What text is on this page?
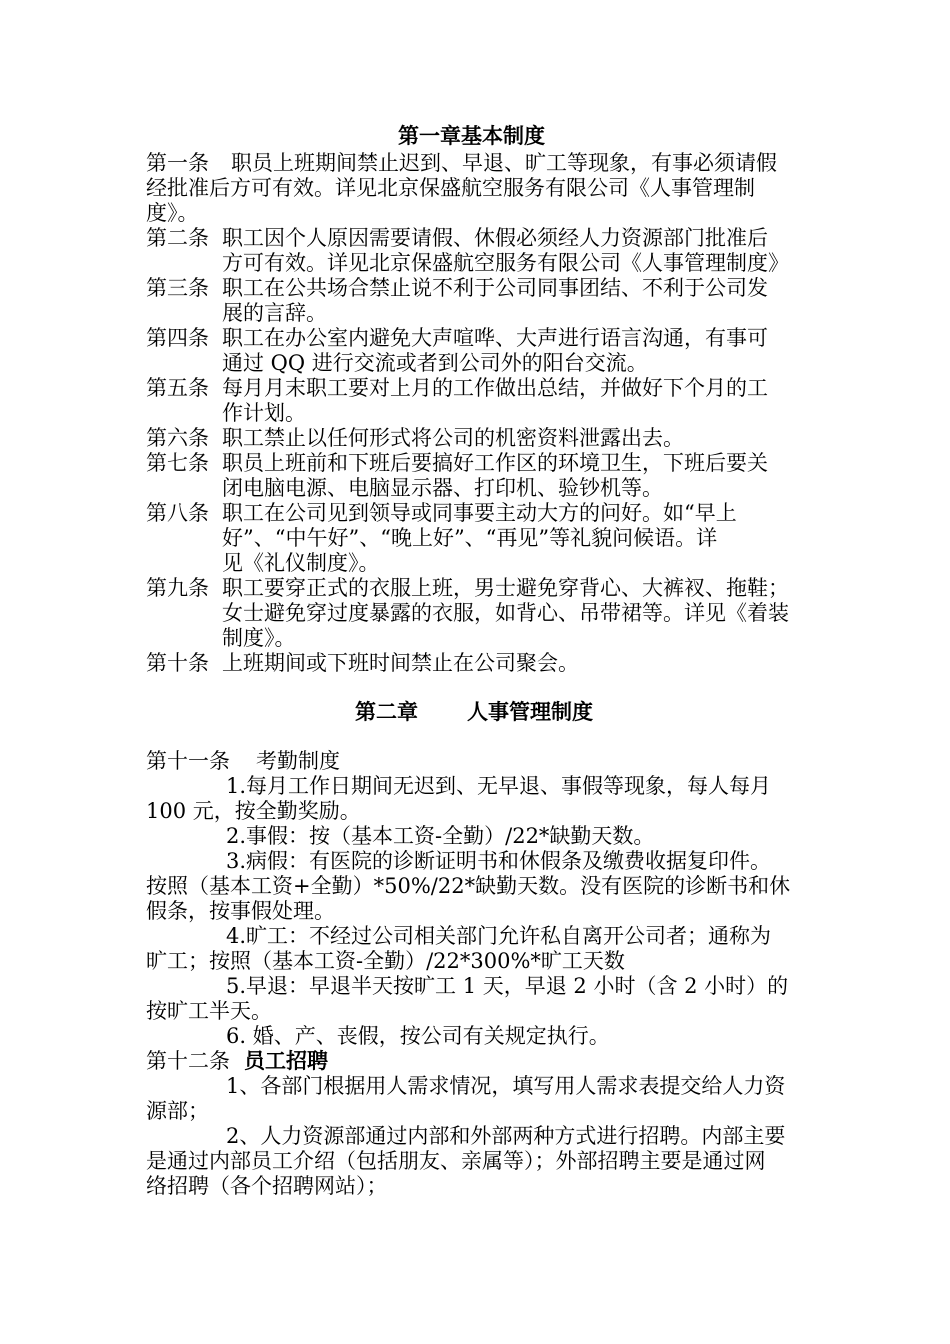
第一章基本制度
第一条 　职员上班期间禁止迟到、早退、旷工等现象，有事必须请假
经批准后方可有效。详见北京保盛航空服务有限公司《人事管理制
度》。
第二条 职工因个人原因需要请假、休假必须经人力资源部门批准后
方可有效。详见北京保盛航空服务有限公司《人事管理制度》
第三条 职工在公共场合禁止说不利于公司同事团结、不利于公司发
展的言辞。
第四条 职工在办公室内避免大声喧哗、大声进行语言沟通，有事可
通过 QQ 进行交流或者到公司外的阳台交流。
第五条 每月月末职工要对上月的工作做出总结，并做好下个月的工
作计划。
第六条 职工禁止以任何形式将公司的机密资料泄露出去。
第七条 职员上班前和下班后要搞好工作区的环境卫生，下班后要关
闭电脑电源、电脑显示器、打印机、验钞机等。
第八条 职工在公司见到领导或同事要主动大方的问好。如“早上
好”、“中午好”、“晚上好”、“再见”等礼貌问候语。详
见《礼仪制度》。
第九条 职工要穿正式的衣服上班，男士避免穿背心、大裤衩、拖鞋；
女士避免穿过度暴露的衣服，如背心、吊带裙等。详见《着装
制度》。
第十条 上班期间或下班时间禁止在公司聚会。
第二章 人事管理制度
第十一条 考勤制度
1.每月工作日期间无迟到、无早退、事假等现象，每人每月
100 元，按全勤奖励。
2.事假：按（基本工资-全勤）/22*缺勤天数。
3.病假：有医院的诊断证明书和休假条及缴费收据复印件。
按照（基本工资+全勤）*50%/22*缺勤天数。没有医院的诊断书和休
假条，按事假处理。
4.旷工：不经过公司相关部门允许私自离开公司者；通称为
旷工；按照（基本工资-全勤）/22*300%*旷工天数
5.早退：早退半天按旷工 1 天，早退 2 小时（含 2 小时）的
按旷工半天。
6. 婚、产、丧假，按公司有关规定执行。
第十二条 员工招聘
1、各部门根据用人需求情况，填写用人需求表提交给人力资
源部；
2、人力资源部通过内部和外部两种方式进行招聘。内部主要
是通过内部员工介绍（包括朋友、亲属等）；外部招聘主要是通过网
络招聘（各个招聘网站）；
